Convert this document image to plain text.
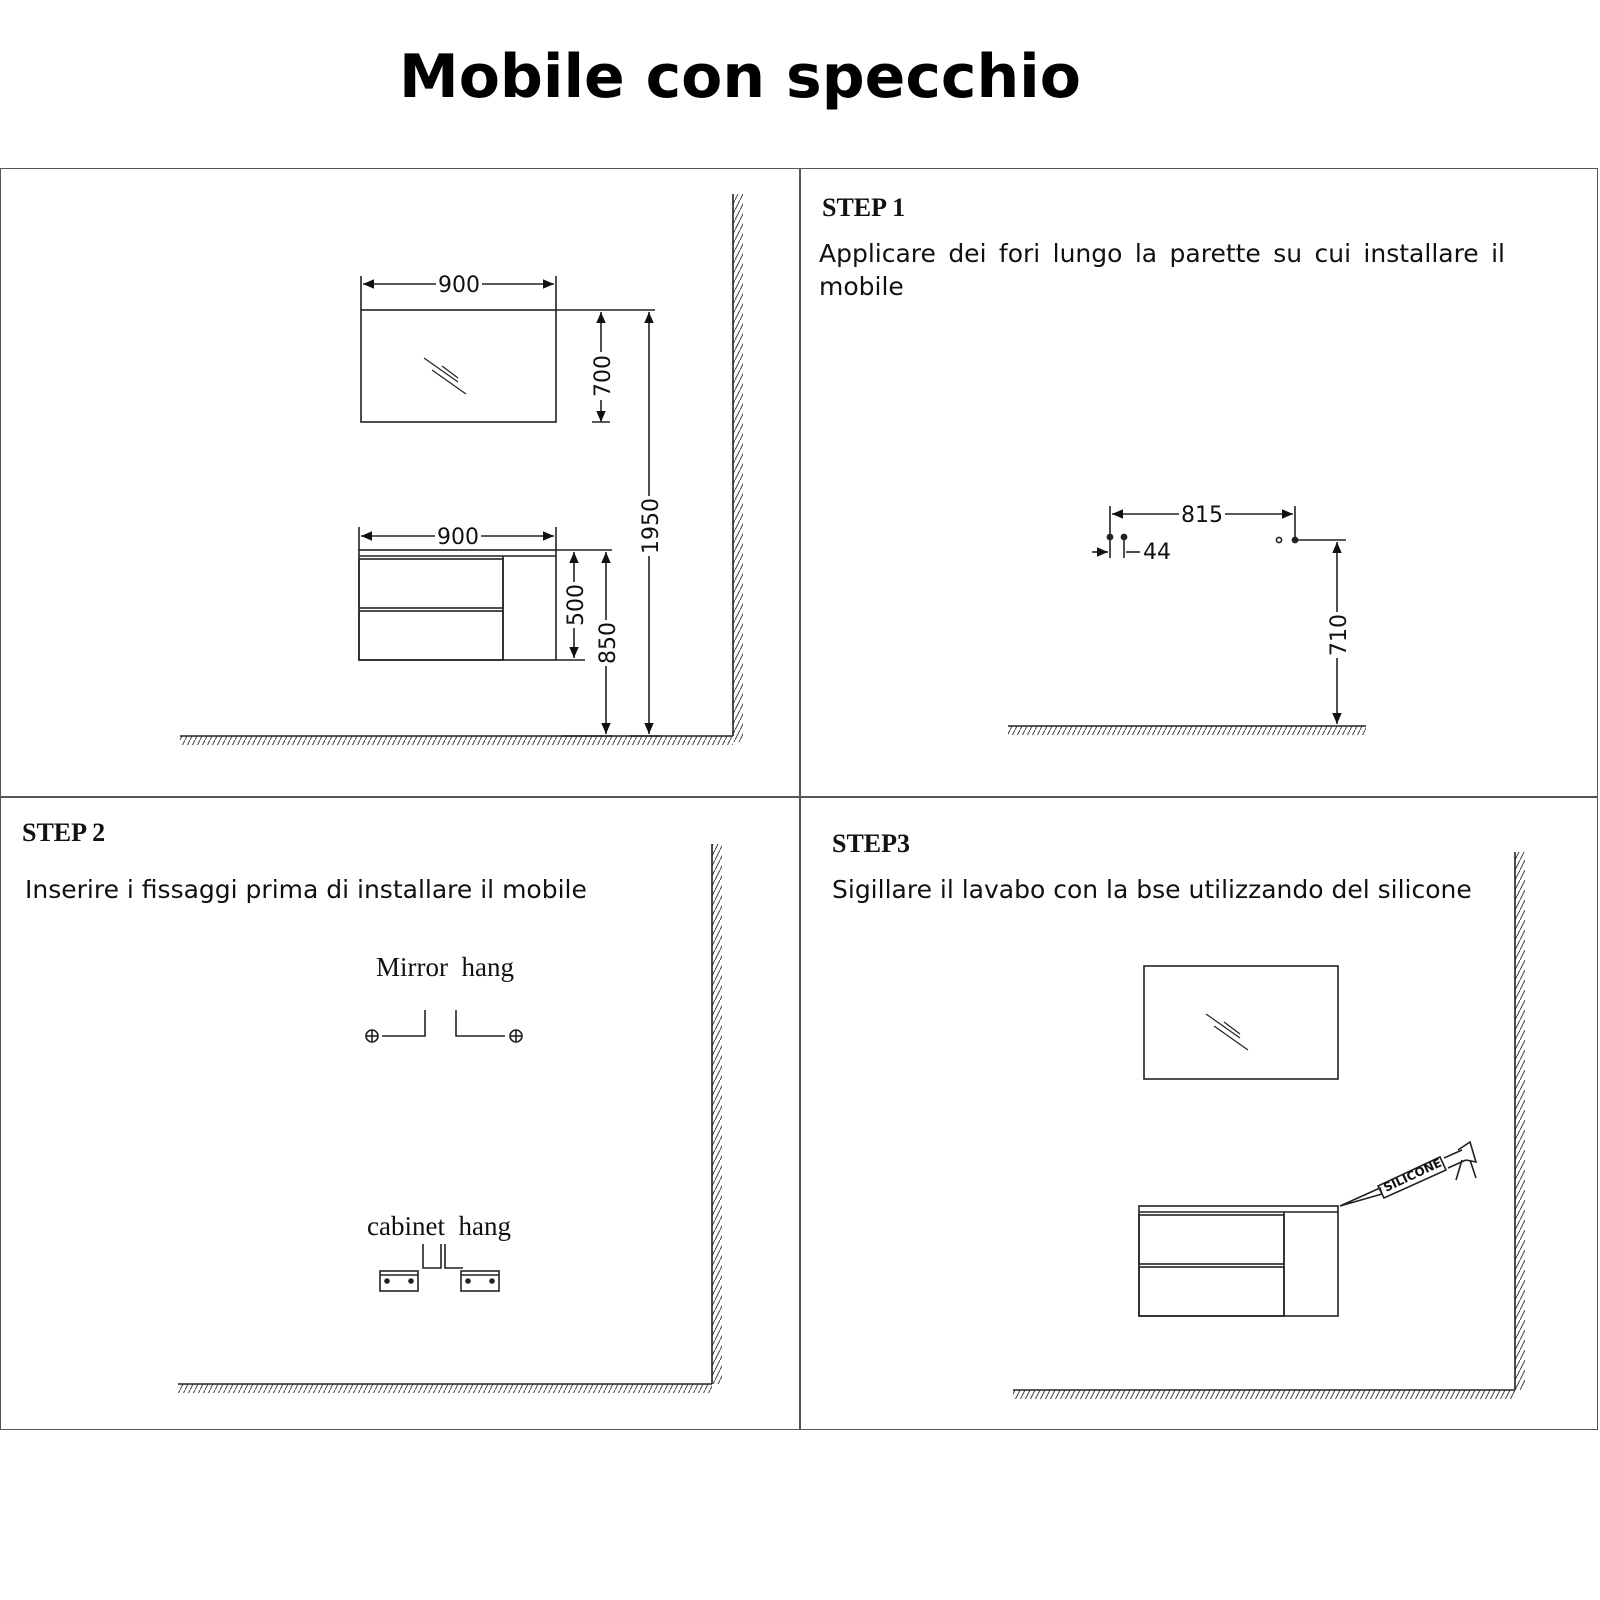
Mobile con specchio
STEP 1

Applicare dei fori lungo la parette su cui installare il mobile

STEP 2

Inserire i fissaggi prima di installare il mobile

STEP3

Sigillare il lavabo con la bse utilizzando del silicone

900
900
700
1950
500
850
815
44
710
Mirror  hang
cabinet  hang
SILICONE
